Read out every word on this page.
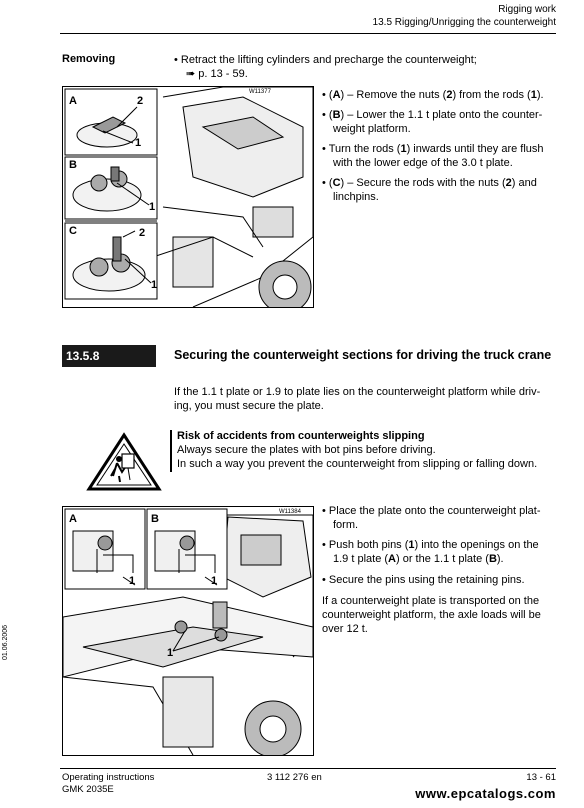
Rigging work
13.5 Rigging/Unrigging the counterweight
Removing	• Retract the lifting cylinders and precharge the counterweight;
➠ p. 13 - 59.
W11377
A
B
C
2
1
1
2
1
• (A) – Remove the nuts (2) from the rods (1).
• (B) – Lower the 1.1 t plate onto the counter-
weight platform.
• Turn the rods (1) inwards until they are flush
with the lower edge of the 3.0 t plate.
• (C) – Secure the rods with the nuts (2) and
linchpins.
13.5.8	Securing the counterweight sections for driving the truck crane
If the 1.1 t plate or 1.9 to plate lies on the counterweight platform while driv-
ing, you must secure the plate.
Risk of accidents from counterweights slipping
Always secure the plates with bot pins before driving.
In such a way you prevent the counterweight from slipping or falling down.
W11384
A	B
1	1
1
• Place the plate onto the counterweight plat-
form.
• Push both pins (1) into the openings on the
1.9 t plate (A) or the 1.1 t plate (B).
• Secure the pins using the retaining pins.
If a counterweight plate is transported on the
counterweight platform, the axle loads will be
over 12 t.
01.06.2006
Operating instructions
GMK 2035E
3 112 276 en	13 - 61
www.epcatalogs.com
